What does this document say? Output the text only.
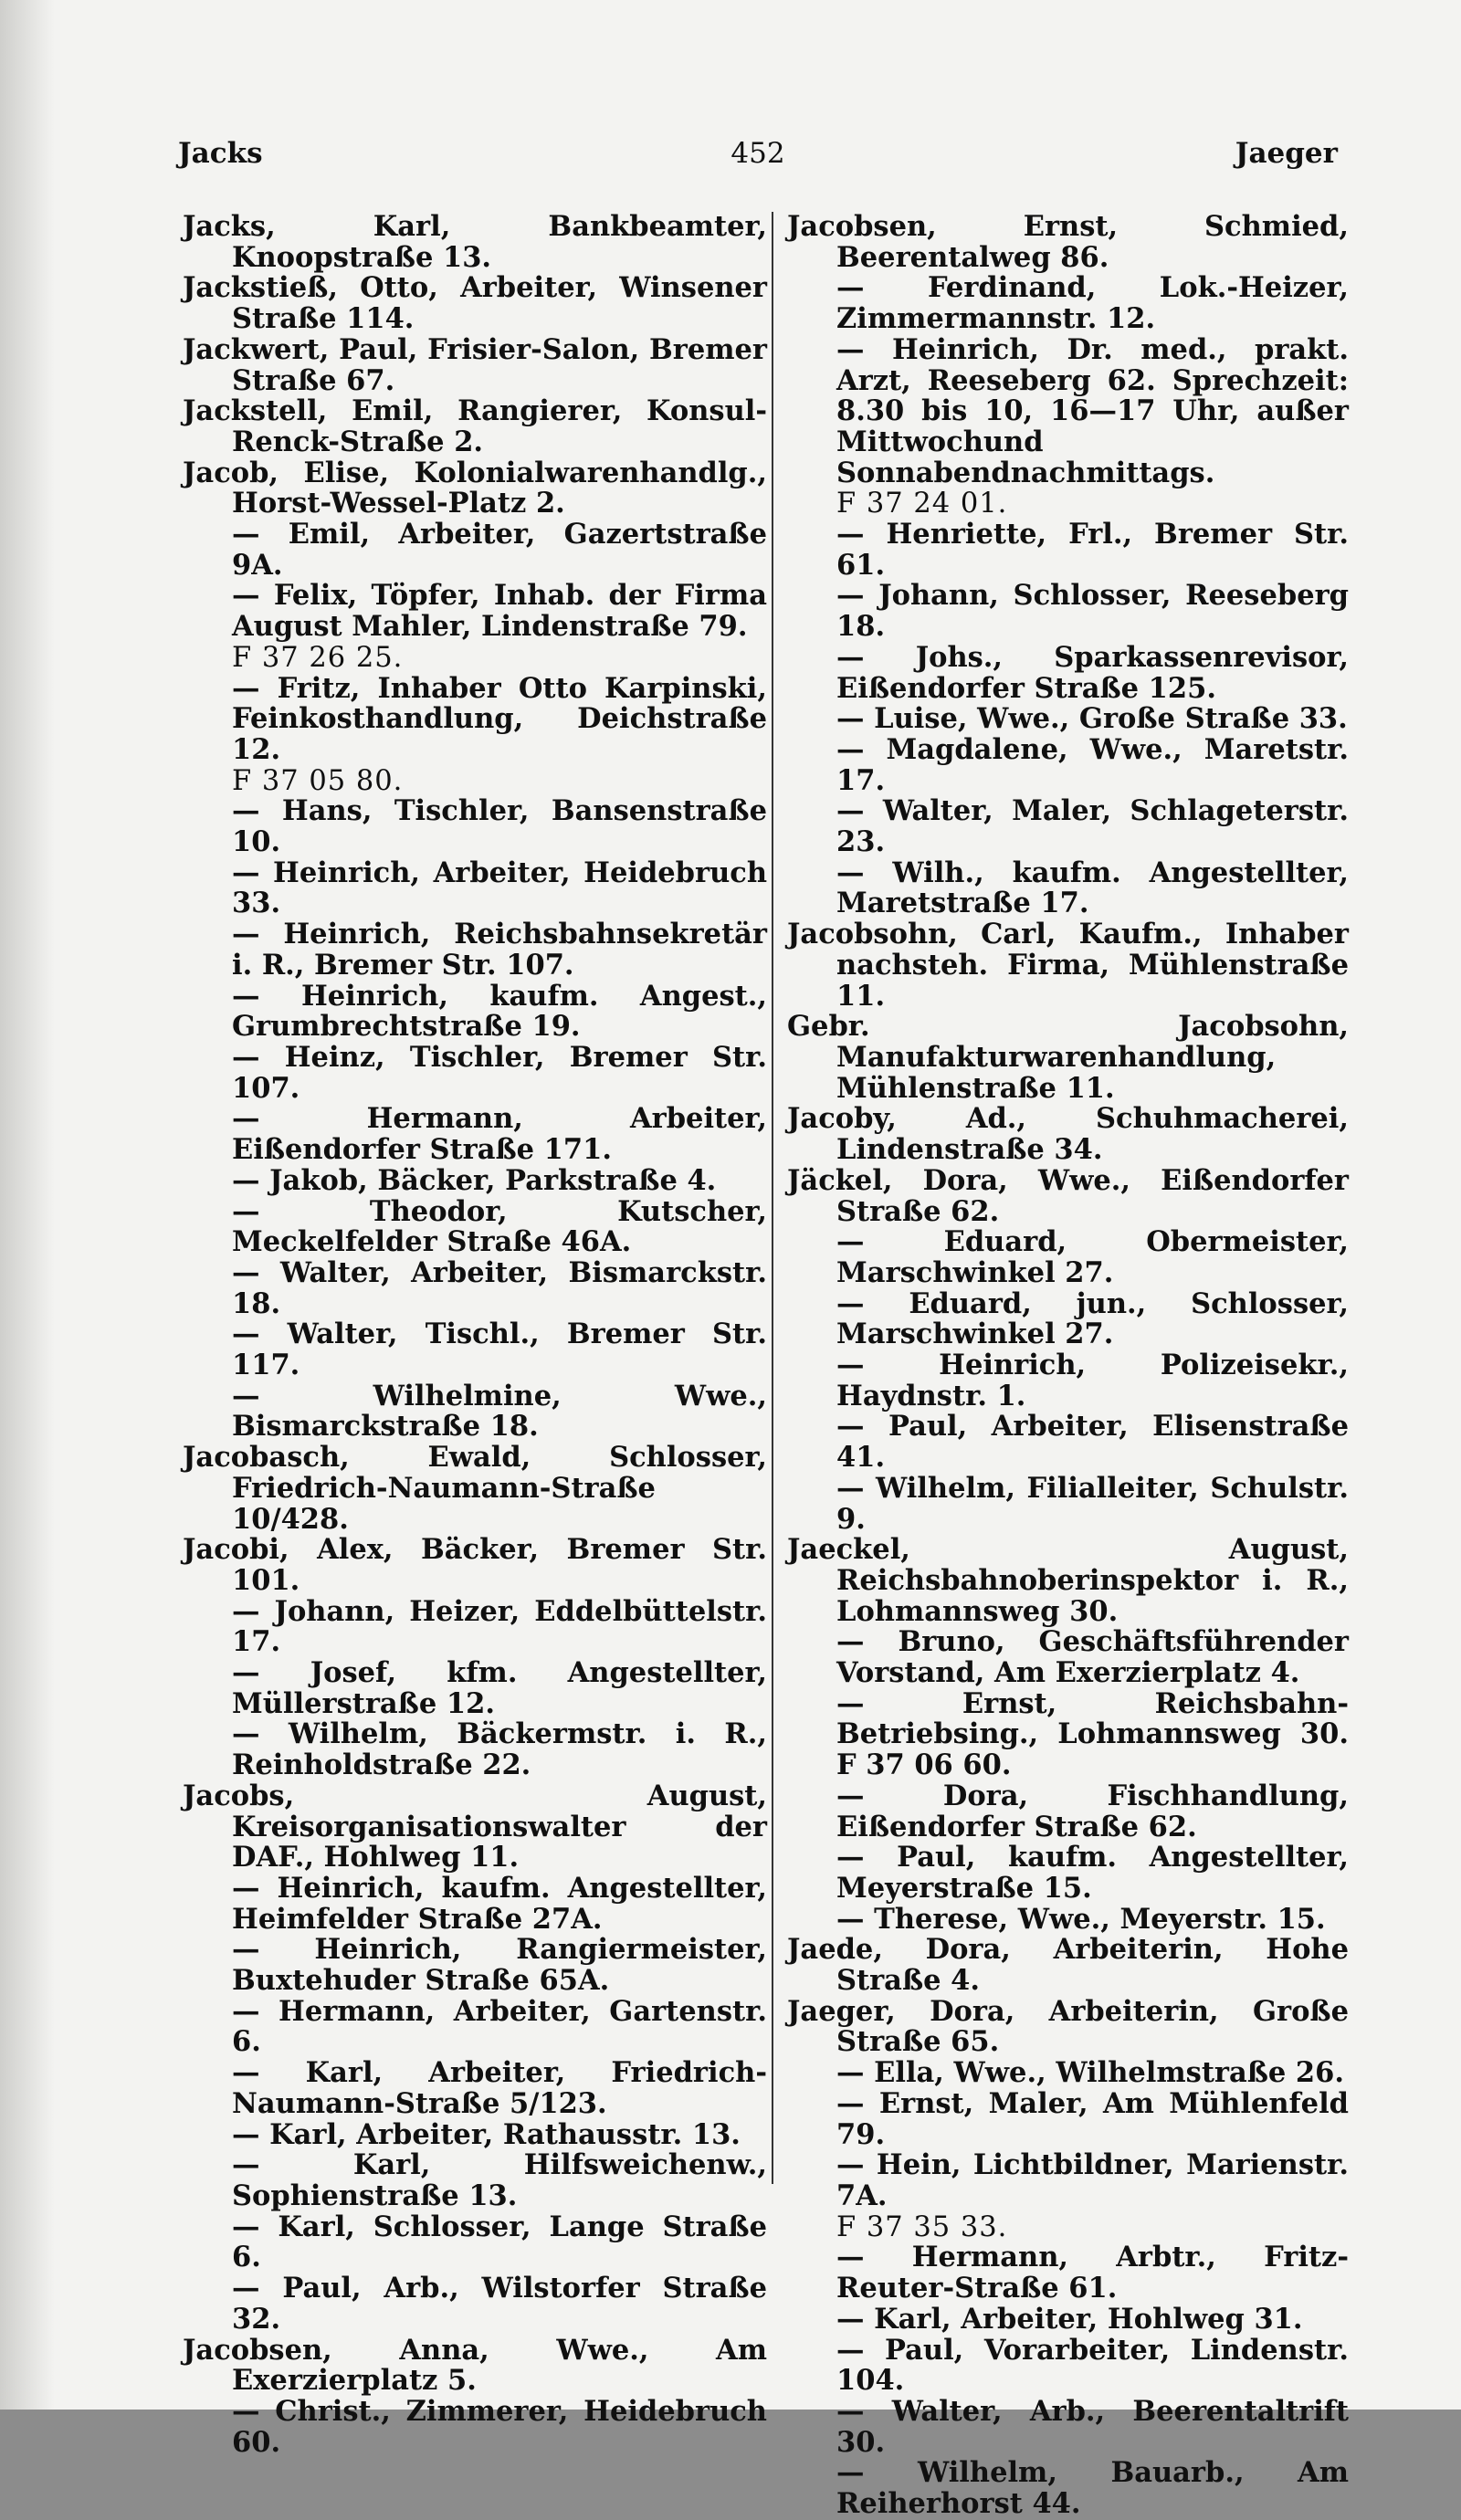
Jacks	452	Jaeger
Jacks, Karl, Bankbeamter, Knoopstraße 13.
Jackstieß, Otto, Arbeiter, Winsener Straße 114.
Jackwert, Paul, Frisier-Salon, Bremer Straße 67.
Jackstell, Emil, Rangierer, Konsul-Renck-Straße 2.
Jacob, Elise, Kolonialwarenhandlg., Horst-Wessel-Platz 2.
— Emil, Arbeiter, Gazertstraße 9A.
— Felix, Töpfer, Inhab. der Firma August Mahler, Lindenstraße 79.
F 37 26 25.
— Fritz, Inhaber Otto Karpinski, Feinkosthandlung, Deichstraße 12.
F 37 05 80.
— Hans, Tischler, Bansenstraße 10.
— Heinrich, Arbeiter, Heidebruch 33.
— Heinrich, Reichsbahnsekretär i. R., Bremer Str. 107.
— Heinrich, kaufm. Angest., Grumbrechtstraße 19.
— Heinz, Tischler, Bremer Str. 107.
— Hermann, Arbeiter, Eißendorfer Straße 171.
— Jakob, Bäcker, Parkstraße 4.
— Theodor, Kutscher, Meckelfelder Straße 46A.
— Walter, Arbeiter, Bismarckstr. 18.
— Walter, Tischl., Bremer Str. 117.
— Wilhelmine, Wwe., Bismarckstraße 18.
Jacobasch, Ewald, Schlosser, Friedrich-Naumann-Straße 10/428.
Jacobi, Alex, Bäcker, Bremer Str. 101.
— Johann, Heizer, Eddelbüttelstr. 17.
— Josef, kfm. Angestellter, Müllerstraße 12.
— Wilhelm, Bäckermstr. i. R., Reinholdstraße 22.
Jacobs, August, Kreisorganisationswalter der DAF., Hohlweg 11.
— Heinrich, kaufm. Angestellter, Heimfelder Straße 27A.
— Heinrich, Rangiermeister, Buxtehuder Straße 65A.
— Hermann, Arbeiter, Gartenstr. 6.
— Karl, Arbeiter, Friedrich-Naumann-Straße 5/123.
— Karl, Arbeiter, Rathausstr. 13.
— Karl, Hilfsweichenw., Sophienstraße 13.
— Karl, Schlosser, Lange Straße 6.
— Paul, Arb., Wilstorfer Straße 32.
Jacobsen, Anna, Wwe., Am Exerzierplatz 5.
— Christ., Zimmerer, Heidebruch 60.
Jacobsen, Ernst, Schmied, Beerentalweg 86.
— Ferdinand, Lok.-Heizer, Zimmermannstr. 12.
— Heinrich, Dr. med., prakt. Arzt, Reeseberg 62. Sprechzeit: 8.30 bis 10, 16—17 Uhr, außer Mittwochund Sonnabendnachmittags.
F 37 24 01.
— Henriette, Frl., Bremer Str. 61.
— Johann, Schlosser, Reeseberg 18.
— Johs., Sparkassenrevisor, Eißendorfer Straße 125.
— Luise, Wwe., Große Straße 33.
— Magdalene, Wwe., Maretstr. 17.
— Walter, Maler, Schlageterstr. 23.
— Wilh., kaufm. Angestellter, Maretstraße 17.
Jacobsohn, Carl, Kaufm., Inhaber nachsteh. Firma, Mühlenstraße 11.
Gebr. Jacobsohn, Manufakturwarenhandlung, Mühlenstraße 11.
Jacoby, Ad., Schuhmacherei, Lindenstraße 34.
Jäckel, Dora, Wwe., Eißendorfer Straße 62.
— Eduard, Obermeister, Marschwinkel 27.
— Eduard, jun., Schlosser, Marschwinkel 27.
— Heinrich, Polizeisekr., Haydnstr. 1.
— Paul, Arbeiter, Elisenstraße 41.
— Wilhelm, Filialleiter, Schulstr. 9.
Jaeckel, August, Reichsbahnoberinspektor i. R., Lohmannsweg 30.
— Bruno, Geschäftsführender Vorstand, Am Exerzierplatz 4.
— Ernst, Reichsbahn-Betriebsing., Lohmannsweg 30. F 37 06 60.
— Dora, Fischhandlung, Eißendorfer Straße 62.
— Paul, kaufm. Angestellter, Meyerstraße 15.
— Therese, Wwe., Meyerstr. 15.
Jaede, Dora, Arbeiterin, Hohe Straße 4.
Jaeger, Dora, Arbeiterin, Große Straße 65.
— Ella, Wwe., Wilhelmstraße 26.
— Ernst, Maler, Am Mühlenfeld 79.
— Hein, Lichtbildner, Marienstr. 7A.
F 37 35 33.
— Hermann, Arbtr., Fritz-Reuter-Straße 61.
— Karl, Arbeiter, Hohlweg 31.
— Paul, Vorarbeiter, Lindenstr. 104.
— Walter, Arb., Beerentaltrift 30.
— Wilhelm, Bauarb., Am Reiherhorst 44.
